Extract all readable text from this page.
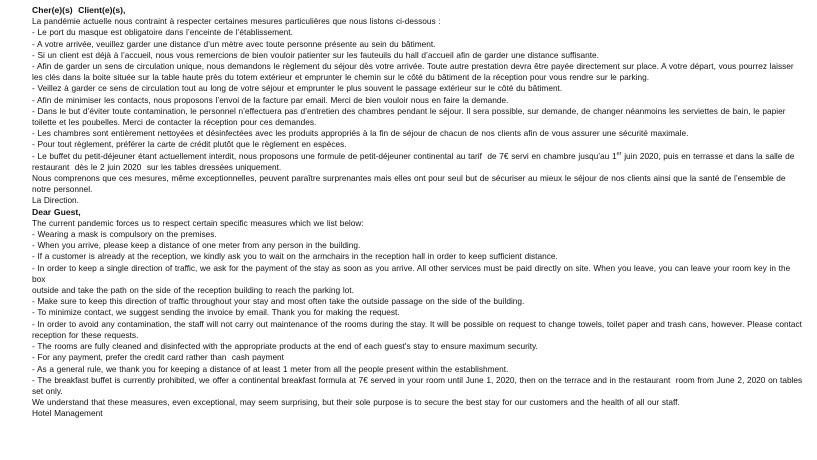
Cher(e)(s)  Client(e)(s),
La pandémie actuelle nous contraint à respecter certaines mesures particulières que nous listons ci-dessous :
- Le port du masque est obligatoire dans l’enceinte de l’établissement.
- A votre arrivée, veuillez garder une distance d’un mètre avec toute personne présente au sein du bâtiment.
- Si un client est déjà à l’accueil, nous vous remercions de bien vouloir patienter sur les fauteuils du hall d’accueil afin de garder une distance suffisante.
- Afin de garder un sens de circulation unique, nous demandons le règlement du séjour dès votre arrivée. Toute autre prestation devra être payée directement sur place. A votre départ, vous pourrez laisser
les clés dans la boite située sur la table haute près du totem extérieur et emprunter le chemin sur le côté du bâtiment de la réception pour vous rendre sur le parking.
- Veillez à garder ce sens de circulation tout au long de votre séjour et emprunter le plus souvent le passage extérieur sur le côté du bâtiment.
- Afin de minimiser les contacts, nous proposons l’envoi de la facture par email. Merci de bien vouloir nous en faire la demande.
- Dans le but d’éviter toute contamination, le personnel n’effectuera pas d’entretien des chambres pendant le séjour. Il sera possible, sur demande, de changer néanmoins les serviettes de bain, le papier
toilette et les poubelles. Merci de contacter la réception pour ces demandes.
- Les chambres sont entièrement nettoyées et désinfectées avec les produits appropriés à la fin de séjour de chacun de nos clients afin de vous assurer une sécurité maximale.
- Pour tout règlement, préférer la carte de crédit plutôt que le règlement en espèces.
- Le buffet du petit-déjeuner étant actuellement interdit, nous proposons une formule de petit-déjeuner continental au tarif  de 7€ servi en chambre jusqu’au 1er juin 2020, puis en terrasse et dans la salle de
restaurant  dès le 2 juin 2020  sur les tables dressées uniquement.
Nous comprenons que ces mesures, même exceptionnelles, peuvent paraître surprenantes mais elles ont pour seul but de sécuriser au mieux le séjour de nos clients ainsi que la santé de l’ensemble de
notre personnel.
La Direction.
Dear Guest,
The current pandemic forces us to respect certain specific measures which we list below:
- Wearing a mask is compulsory on the premises.
- When you arrive, please keep a distance of one meter from any person in the building.
- If a customer is already at the reception, we kindly ask you to wait on the armchairs in the reception hall in order to keep sufficient distance.
- In order to keep a single direction of traffic, we ask for the payment of the stay as soon as you arrive. All other services must be paid directly on site. When you leave, you can leave your room key in the box
outside and take the path on the side of the reception building to reach the parking lot.
- Make sure to keep this direction of traffic throughout your stay and most often take the outside passage on the side of the building.
- To minimize contact, we suggest sending the invoice by email. Thank you for making the request.
- In order to avoid any contamination, the staff will not carry out maintenance of the rooms during the stay. It will be possible on request to change towels, toilet paper and trash cans, however. Please contact
reception for these requests.
- The rooms are fully cleaned and disinfected with the appropriate products at the end of each guest's stay to ensure maximum security.
- For any payment, prefer the credit card rather than  cash payment
- As a general rule, we thank you for keeping a distance of at least 1 meter from all the people present within the establishment.
- The breakfast buffet is currently prohibited, we offer a continental breakfast formula at 7€ served in your room until June 1, 2020, then on the terrace and in the restaurant  room from June 2, 2020 on tables
set only.
We understand that these measures, even exceptional, may seem surprising, but their sole purpose is to secure the best stay for our customers and the health of all our staff.
Hotel Management
